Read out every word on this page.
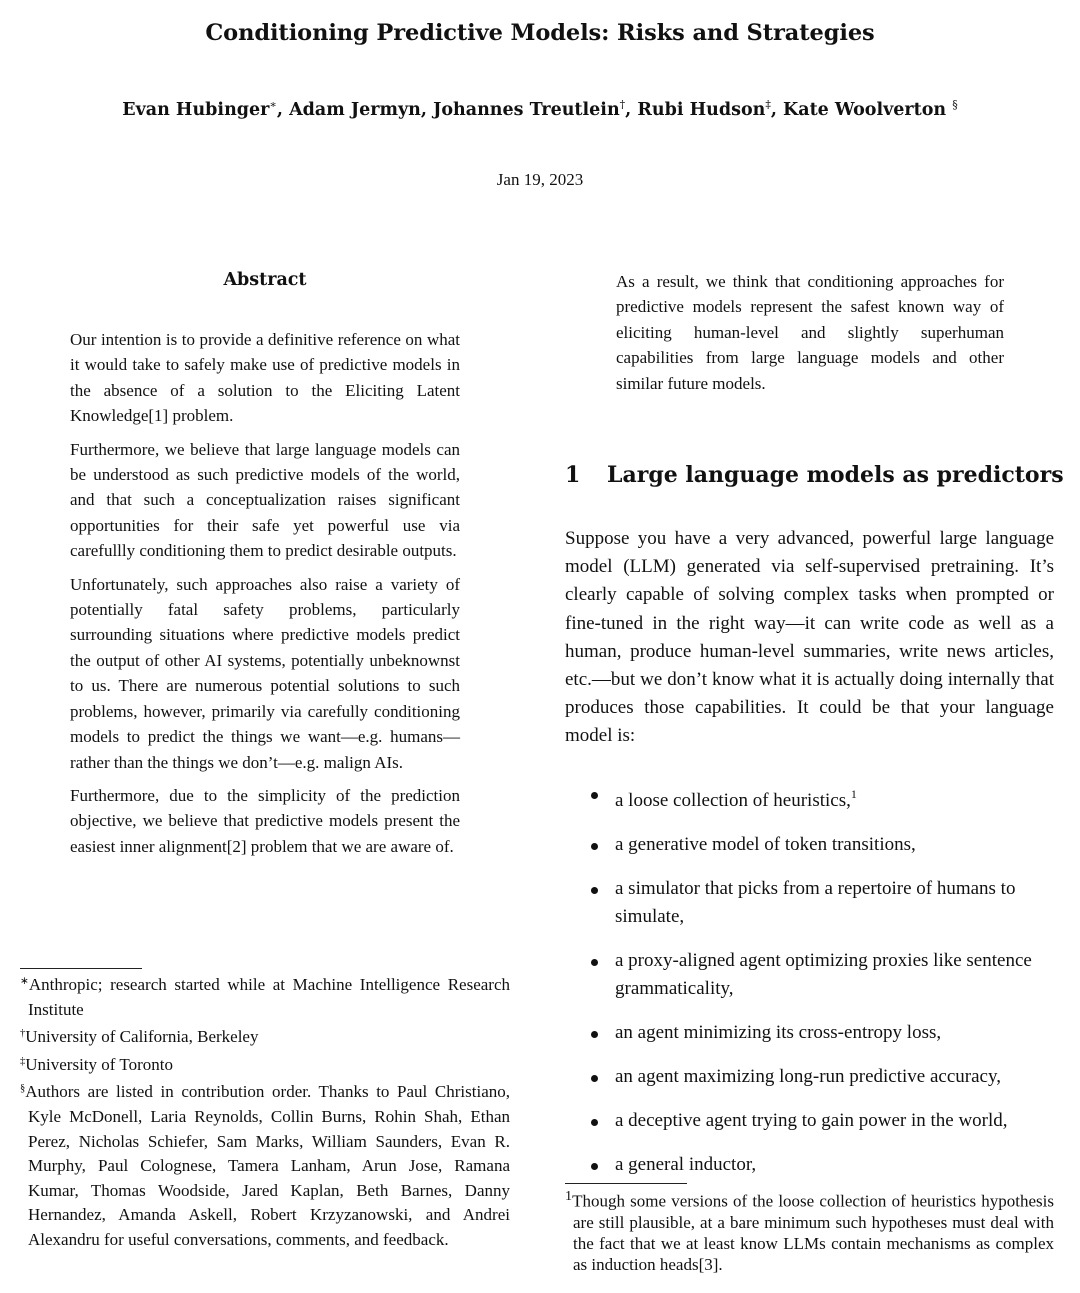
Conditioning Predictive Models: Risks and Strategies
Evan Hubinger∗, Adam Jermyn, Johannes Treutlein†, Rubi Hudson‡, Kate Woolverton §
Jan 19, 2023
Abstract

Our intention is to provide a definitive reference on what it would take to safely make use of predictive models in the absence of a solution to the Eliciting Latent Knowledge[1] problem.

Furthermore, we believe that large language models can be understood as such predictive models of the world, and that such a conceptualization raises significant opportunities for their safe yet powerful use via carefullly conditioning them to predict desirable outputs.

Unfortunately, such approaches also raise a variety of potentially fatal safety problems, particularly surrounding situations where predictive models predict the output of other AI systems, potentially unbeknownst to us. There are numerous potential solutions to such problems, however, primarily via carefully conditioning models to predict the things we want—e.g. humans—rather than the things we don’t—e.g. malign AIs.

Furthermore, due to the simplicity of the prediction objective, we believe that predictive models present the easiest inner alignment[2] problem that we are aware of.

∗Anthropic; research started while at Machine Intelligence Research Institute
†University of California, Berkeley
‡University of Toronto
§Authors are listed in contribution order. Thanks to Paul Christiano, Kyle McDonell, Laria Reynolds, Collin Burns, Rohin Shah, Ethan Perez, Nicholas Schiefer, Sam Marks, William Saunders, Evan R. Murphy, Paul Colognese, Tamera Lanham, Arun Jose, Ramana Kumar, Thomas Woodside, Jared Kaplan, Beth Barnes, Danny Hernandez, Amanda Askell, Robert Krzyzanowski, and Andrei Alexandru for useful conversations, comments, and feedback.

As a result, we think that conditioning approaches for predictive models represent the safest known way of eliciting human-level and slightly superhuman capabilities from large language models and other similar future models.

1 Large language models as predictors

Suppose you have a very advanced, powerful large language model (LLM) generated via self-supervised pretraining. It’s clearly capable of solving complex tasks when prompted or fine-tuned in the right way—it can write code as well as a human, produce human-level summaries, write news articles, etc.—but we don’t know what it is actually doing internally that produces those capabilities. It could be that your language model is:

a loose collection of heuristics,$^1$
a generative model of token transitions,
a simulator that picks from a repertoire of humans to simulate,
a proxy-aligned agent optimizing proxies like sentence grammaticality,
an agent minimizing its cross-entropy loss,
an agent maximizing long-run predictive accuracy,
a deceptive agent trying to gain power in the world,
a general inductor,
$^1$Though some versions of the loose collection of heuristics hypothesis are still plausible, at a bare minimum such hypotheses must deal with the fact that we at least know LLMs contain mechanisms as complex as induction heads[3].
